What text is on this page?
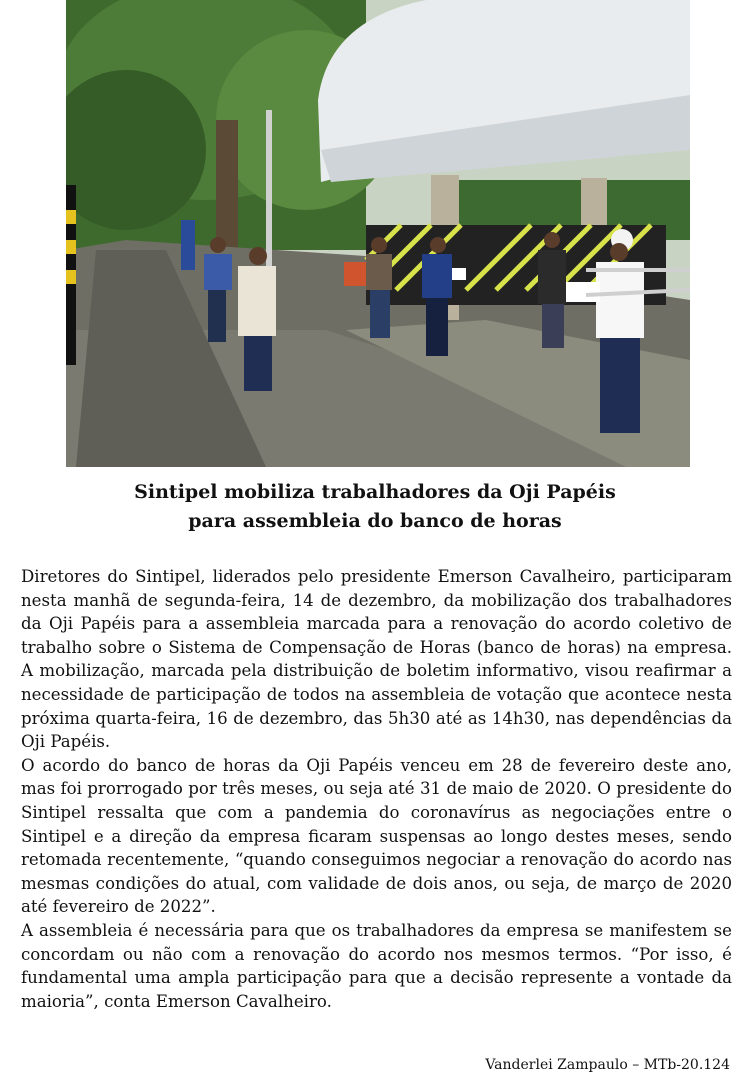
Sintipel mobiliza trabalhadores da Oji Papéis
para assembleia do banco de horas

Diretores do Sintipel, liderados pelo presidente Emerson Cavalheiro, participaram nesta manhã de segunda-feira, 14 de dezembro, da mobilização dos trabalhadores da Oji Papéis para a assembleia marcada para a renovação do acordo coletivo de trabalho sobre o Sistema de Compensação de Horas (banco de horas) na empresa. A mobilização, marcada pela distribuição de boletim informativo, visou reafirmar a necessidade de participação de todos na assembleia de votação que acontece nesta próxima quarta-feira, 16 de dezembro, das 5h30 até as 14h30, nas dependências da Oji Papéis.

O acordo do banco de horas da Oji Papéis venceu em 28 de fevereiro deste ano, mas foi prorrogado por três meses, ou seja até 31 de maio de 2020. O presidente do Sintipel ressalta que com a pandemia do coronavírus as negociações entre o Sintipel e a direção da empresa ficaram suspensas ao longo destes meses, sendo retomada recentemente, “quando conseguimos negociar a renovação do acordo nas mesmas condições do atual, com validade de dois anos, ou seja, de março de 2020 até fevereiro de 2022”.

A assembleia é necessária para que os trabalhadores da empresa se manifestem se concordam ou não com a renovação do acordo nos mesmos termos. “Por isso, é fundamental uma ampla participação para que a decisão represente a vontade da maioria”, conta Emerson Cavalheiro.

Vanderlei Zampaulo – MTb-20.124
